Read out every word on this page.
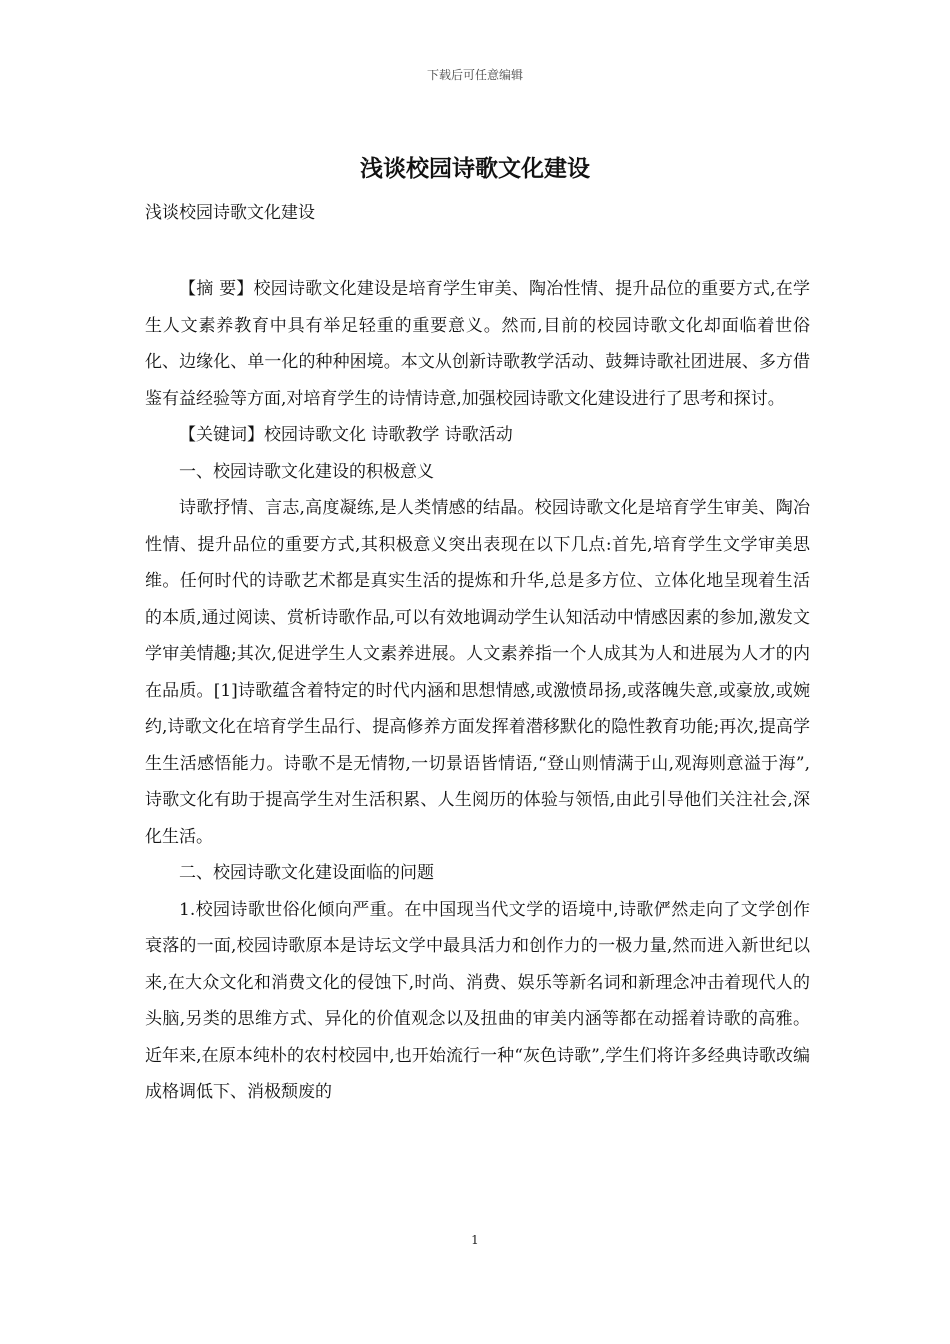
下载后可任意编辑

浅谈校园诗歌文化建设

浅谈校园诗歌文化建设

【摘 要】校园诗歌文化建设是培育学生审美、陶冶性情、提升品位的重要方式,在学生人文素养教育中具有举足轻重的重要意义。然而,目前的校园诗歌文化却面临着世俗化、边缘化、单一化的种种困境。本文从创新诗歌教学活动、鼓舞诗歌社团进展、多方借鉴有益经验等方面,对培育学生的诗情诗意,加强校园诗歌文化建设进行了思考和探讨。

【关键词】校园诗歌文化 诗歌教学 诗歌活动

一、校园诗歌文化建设的积极意义

诗歌抒情、言志,高度凝练,是人类情感的结晶。校园诗歌文化是培育学生审美、陶冶性情、提升品位的重要方式,其积极意义突出表现在以下几点:首先,培育学生文学审美思维。任何时代的诗歌艺术都是真实生活的提炼和升华,总是多方位、立体化地呈现着生活的本质,通过阅读、赏析诗歌作品,可以有效地调动学生认知活动中情感因素的参加,激发文学审美情趣;其次,促进学生人文素养进展。人文素养指一个人成其为人和进展为人才的内在品质。[1]诗歌蕴含着特定的时代内涵和思想情感,或激愤昂扬,或落魄失意,或豪放,或婉约,诗歌文化在培育学生品行、提高修养方面发挥着潜移默化的隐性教育功能;再次,提高学生生活感悟能力。诗歌不是无情物,一切景语皆情语,“登山则情满于山,观海则意溢于海”,诗歌文化有助于提高学生对生活积累、人生阅历的体验与领悟,由此引导他们关注社会,深化生活。

二、校园诗歌文化建设面临的问题

1.校园诗歌世俗化倾向严重。在中国现当代文学的语境中,诗歌俨然走向了文学创作衰落的一面,校园诗歌原本是诗坛文学中最具活力和创作力的一极力量,然而进入新世纪以来,在大众文化和消费文化的侵蚀下,时尚、消费、娱乐等新名词和新理念冲击着现代人的头脑,另类的思维方式、异化的价值观念以及扭曲的审美内涵等都在动摇着诗歌的高雅。近年来,在原本纯朴的农村校园中,也开始流行一种“灰色诗歌”,学生们将许多经典诗歌改编成格调低下、消极颓废的

1
